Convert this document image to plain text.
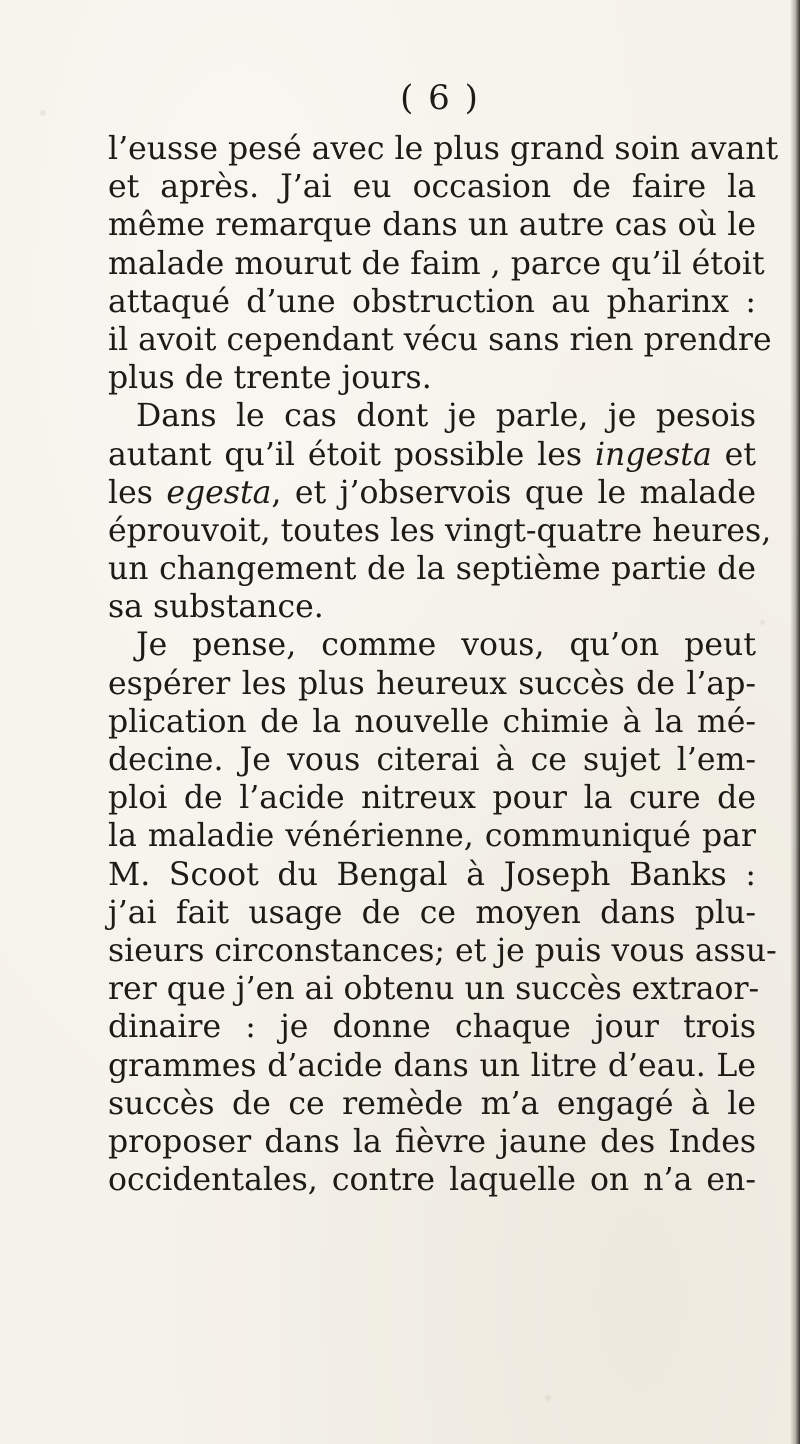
( 6 )
l’eusse pesé avec le plus grand soin avant
et après. J’ai eu occasion de faire la
même remarque dans un autre cas où le
malade mourut de faim , parce qu’il étoit
attaqué d’une obstruction au pharinx :
il avoit cependant vécu sans rien prendre
plus de trente jours.
Dans le cas dont je parle, je pesois
autant qu’il étoit possible les ingesta et
les egesta, et j’observois que le malade
éprouvoit, toutes les vingt-quatre heures,
un changement de la septième partie de
sa substance.
Je pense, comme vous, qu’on peut
espérer les plus heureux succès de l’ap-
plication de la nouvelle chimie à la mé-
decine. Je vous citerai à ce sujet l’em-
ploi de l’acide nitreux pour la cure de
la maladie vénérienne, communiqué par
M. Scoot du Bengal à Joseph Banks :
j’ai fait usage de ce moyen dans plu-
sieurs circonstances; et je puis vous assu-
rer que j’en ai obtenu un succès extraor-
dinaire : je donne chaque jour trois
grammes d’acide dans un litre d’eau. Le
succès de ce remède m’a engagé à le
proposer dans la fièvre jaune des Indes
occidentales, contre laquelle on n’a en-
